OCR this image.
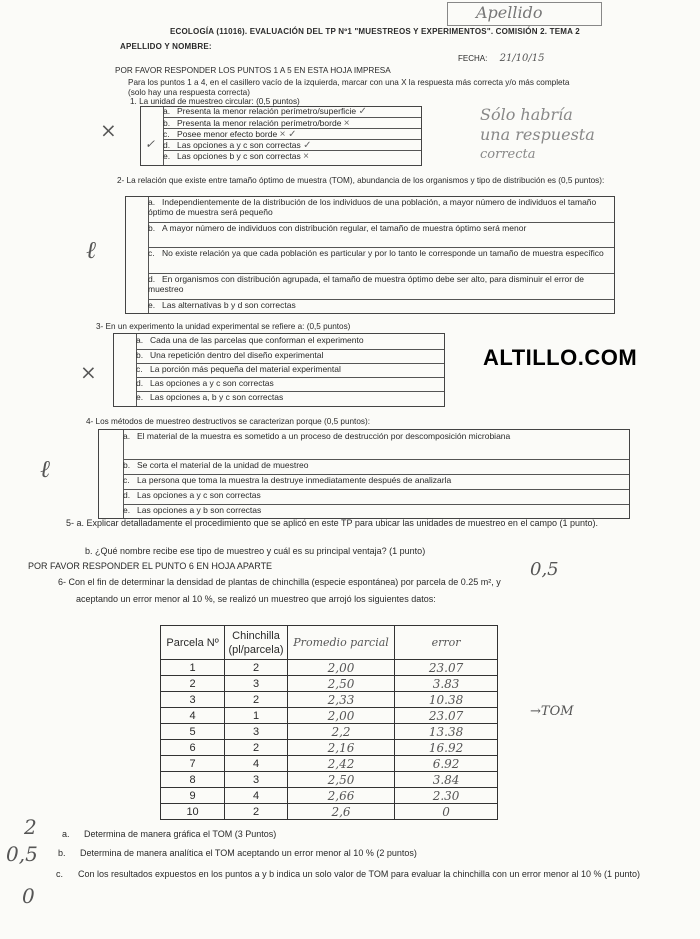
Apellido
ECOLOGÍA (11016). EVALUACIÓN DEL TP Nº1 "MUESTREOS Y EXPERIMENTOS". COMISIÓN 2. TEMA 2
APELLIDO Y NOMBRE:
FECHA: 21/10/15
POR FAVOR RESPONDER LOS PUNTOS 1 A 5 EN ESTA HOJA IMPRESA
Para los puntos 1 a 4, en el casillero vacío de la izquierda, marcar con una X la respuesta más correcta y/o más completa
(solo hay una respuesta correcta)
1. La unidad de muestreo circular: (0,5 puntos)
a. Presenta la menor relación perímetro/superficie ✓
b. Presenta la menor relación perímetro/borde ×
c. Posee menor efecto borde × ✓
d. Las opciones a y c son correctas ✓
e. Las opciones b y c son correctas ×
✓
×
Sólo habría
una respuesta
correcta
2- La relación que existe entre tamaño óptimo de muestra (TOM), abundancia de los organismos y tipo de distribución es (0,5 puntos):
a. Independientemente de la distribución de los individuos de una población, a mayor número de individuos el tamaño óptimo de muestra será pequeño
b. A mayor número de individuos con distribución regular, el tamaño de muestra óptimo será menor
c. No existe relación ya que cada población es particular y por lo tanto le corresponde un tamaño de muestra específico
d. En organismos con distribución agrupada, el tamaño de muestra óptimo debe ser alto, para disminuir el error de muestreo
e. Las alternativas b y d son correctas
ℓ
3- En un experimento la unidad experimental se refiere a: (0,5 puntos)
a. Cada una de las parcelas que conforman el experimento
b. Una repetición dentro del diseño experimental
c. La porción más pequeña del material experimental
d. Las opciones a y c son correctas
e. Las opciones a, b y c son correctas
×
ALTILLO.COM
4- Los métodos de muestreo destructivos se caracterizan porque (0,5 puntos):
a. El material de la muestra es sometido a un proceso de destrucción por descomposición microbiana
b. Se corta el material de la unidad de muestreo
c. La persona que toma la muestra la destruye inmediatamente después de analizarla
d. Las opciones a y c son correctas
e. Las opciones a y b son correctas
ℓ
5- a. Explicar detalladamente el procedimiento que se aplicó en este TP para ubicar las unidades de muestreo en el campo (1 punto).
b. ¿Qué nombre recibe ese tipo de muestreo y cuál es su principal ventaja? (1 punto)
0,5
POR FAVOR RESPONDER EL PUNTO 6 EN HOJA APARTE
6- Con el fin de determinar la densidad de plantas de chinchilla (especie espontánea) por parcela de 0.25 m², y
aceptando un error menor al 10 %, se realizó un muestreo que arrojó los siguientes datos:
Parcela Nº	Chinchilla (pl/parcela)	Promedio parcial	error
1	2	2,00	23.07
2	3	2,50	3.83
3	2	2,33	10.38
4	1	2,00	23.07
5	3	2,2	13.38
6	2	2,16	16.92
7	4	2,42	6.92
8	3	2,50	3.84
9	4	2,66	2.30
10	2	2,6	0
→TOM
2	a. Determina de manera gráfica el TOM (3 Puntos)
0,5 b. Determina de manera analítica el TOM aceptando un error menor al 10 % (2 puntos)
0
c. Con los resultados expuestos en los puntos a y b indica un solo valor de TOM para evaluar la chinchilla con un error menor al 10 % (1 punto)
